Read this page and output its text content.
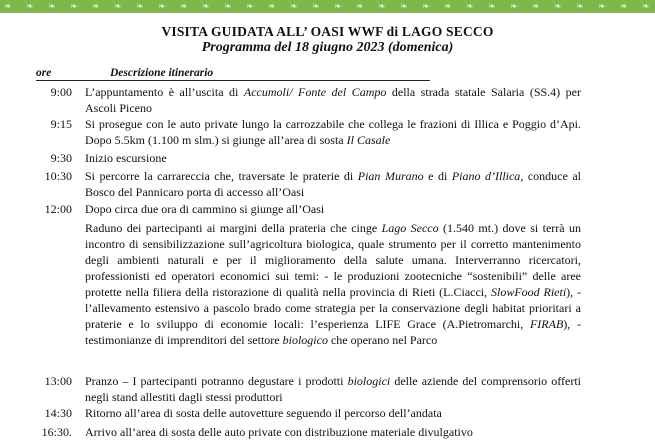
❧ ❧ ❧ ❧ ❧ ❧ ❧ ❧ ❧ ❧ ❧ ❧ ❧ ❧ ❧ ❧ ❧ ❧ ❧ ❧ ❧ ❧ ❧ ❧ ❧ ❧ ❧ ❧ ❧ ❧
VISITA GUIDATA ALL’ OASI WWF di LAGO SECCO
Programma del 18 giugno 2023 (domenica)
ore	Descrizione itinerario
9:00 L’appuntamento è all’uscita di Accumoli/ Fonte del Campo della strada statale Salaria (SS.4) per Ascoli Piceno
9:15 Si prosegue con le auto private lungo la carrozzabile che collega le frazioni di Illica e Poggio d’Api. Dopo 5.5km (1.100 m slm.) si giunge all’area di sosta Il Casale
9:30 Inizio escursione
10:30 Si percorre la carrareccia che, traversate le praterie di Pian Murano e di Piano d’Illica, conduce al Bosco del Pannicaro porta di accesso all’Oasi
12:00 Dopo circa due ora di cammino si giunge all’Oasi
Raduno dei partecipanti ai margini della prateria che cinge Lago Secco (1.540 mt.) dove si terrà un incontro di sensibilizzazione sull’agricoltura biologica, quale strumento per il corretto mantenimento degli ambienti naturali e per il miglioramento della salute umana. Interverranno ricercatori, professionisti ed operatori economici sui temi: - le produzioni zootecniche “sostenibili” delle aree protette nella filiera della ristorazione di qualità nella provincia di Rieti (L.Ciacci, SlowFood Rieti), - l’allevamento estensivo a pascolo brado come strategia per la conservazione degli habitat prioritari a praterie e lo sviluppo di economie locali: l’esperienza LIFE Grace (A.Pietromarchi, FIRAB), - testimonianze di imprenditori del settore biologico che operano nel Parco
13:00 Pranzo – I partecipanti potranno degustare i prodotti biologici delle aziende del comprensorio offerti negli stand allestiti dagli stessi produttori
14:30 Ritorno all’area di sosta delle autovetture seguendo il percorso dell’andata
16:30. Arrivo all’area di sosta delle auto private con distribuzione materiale divulgativo
